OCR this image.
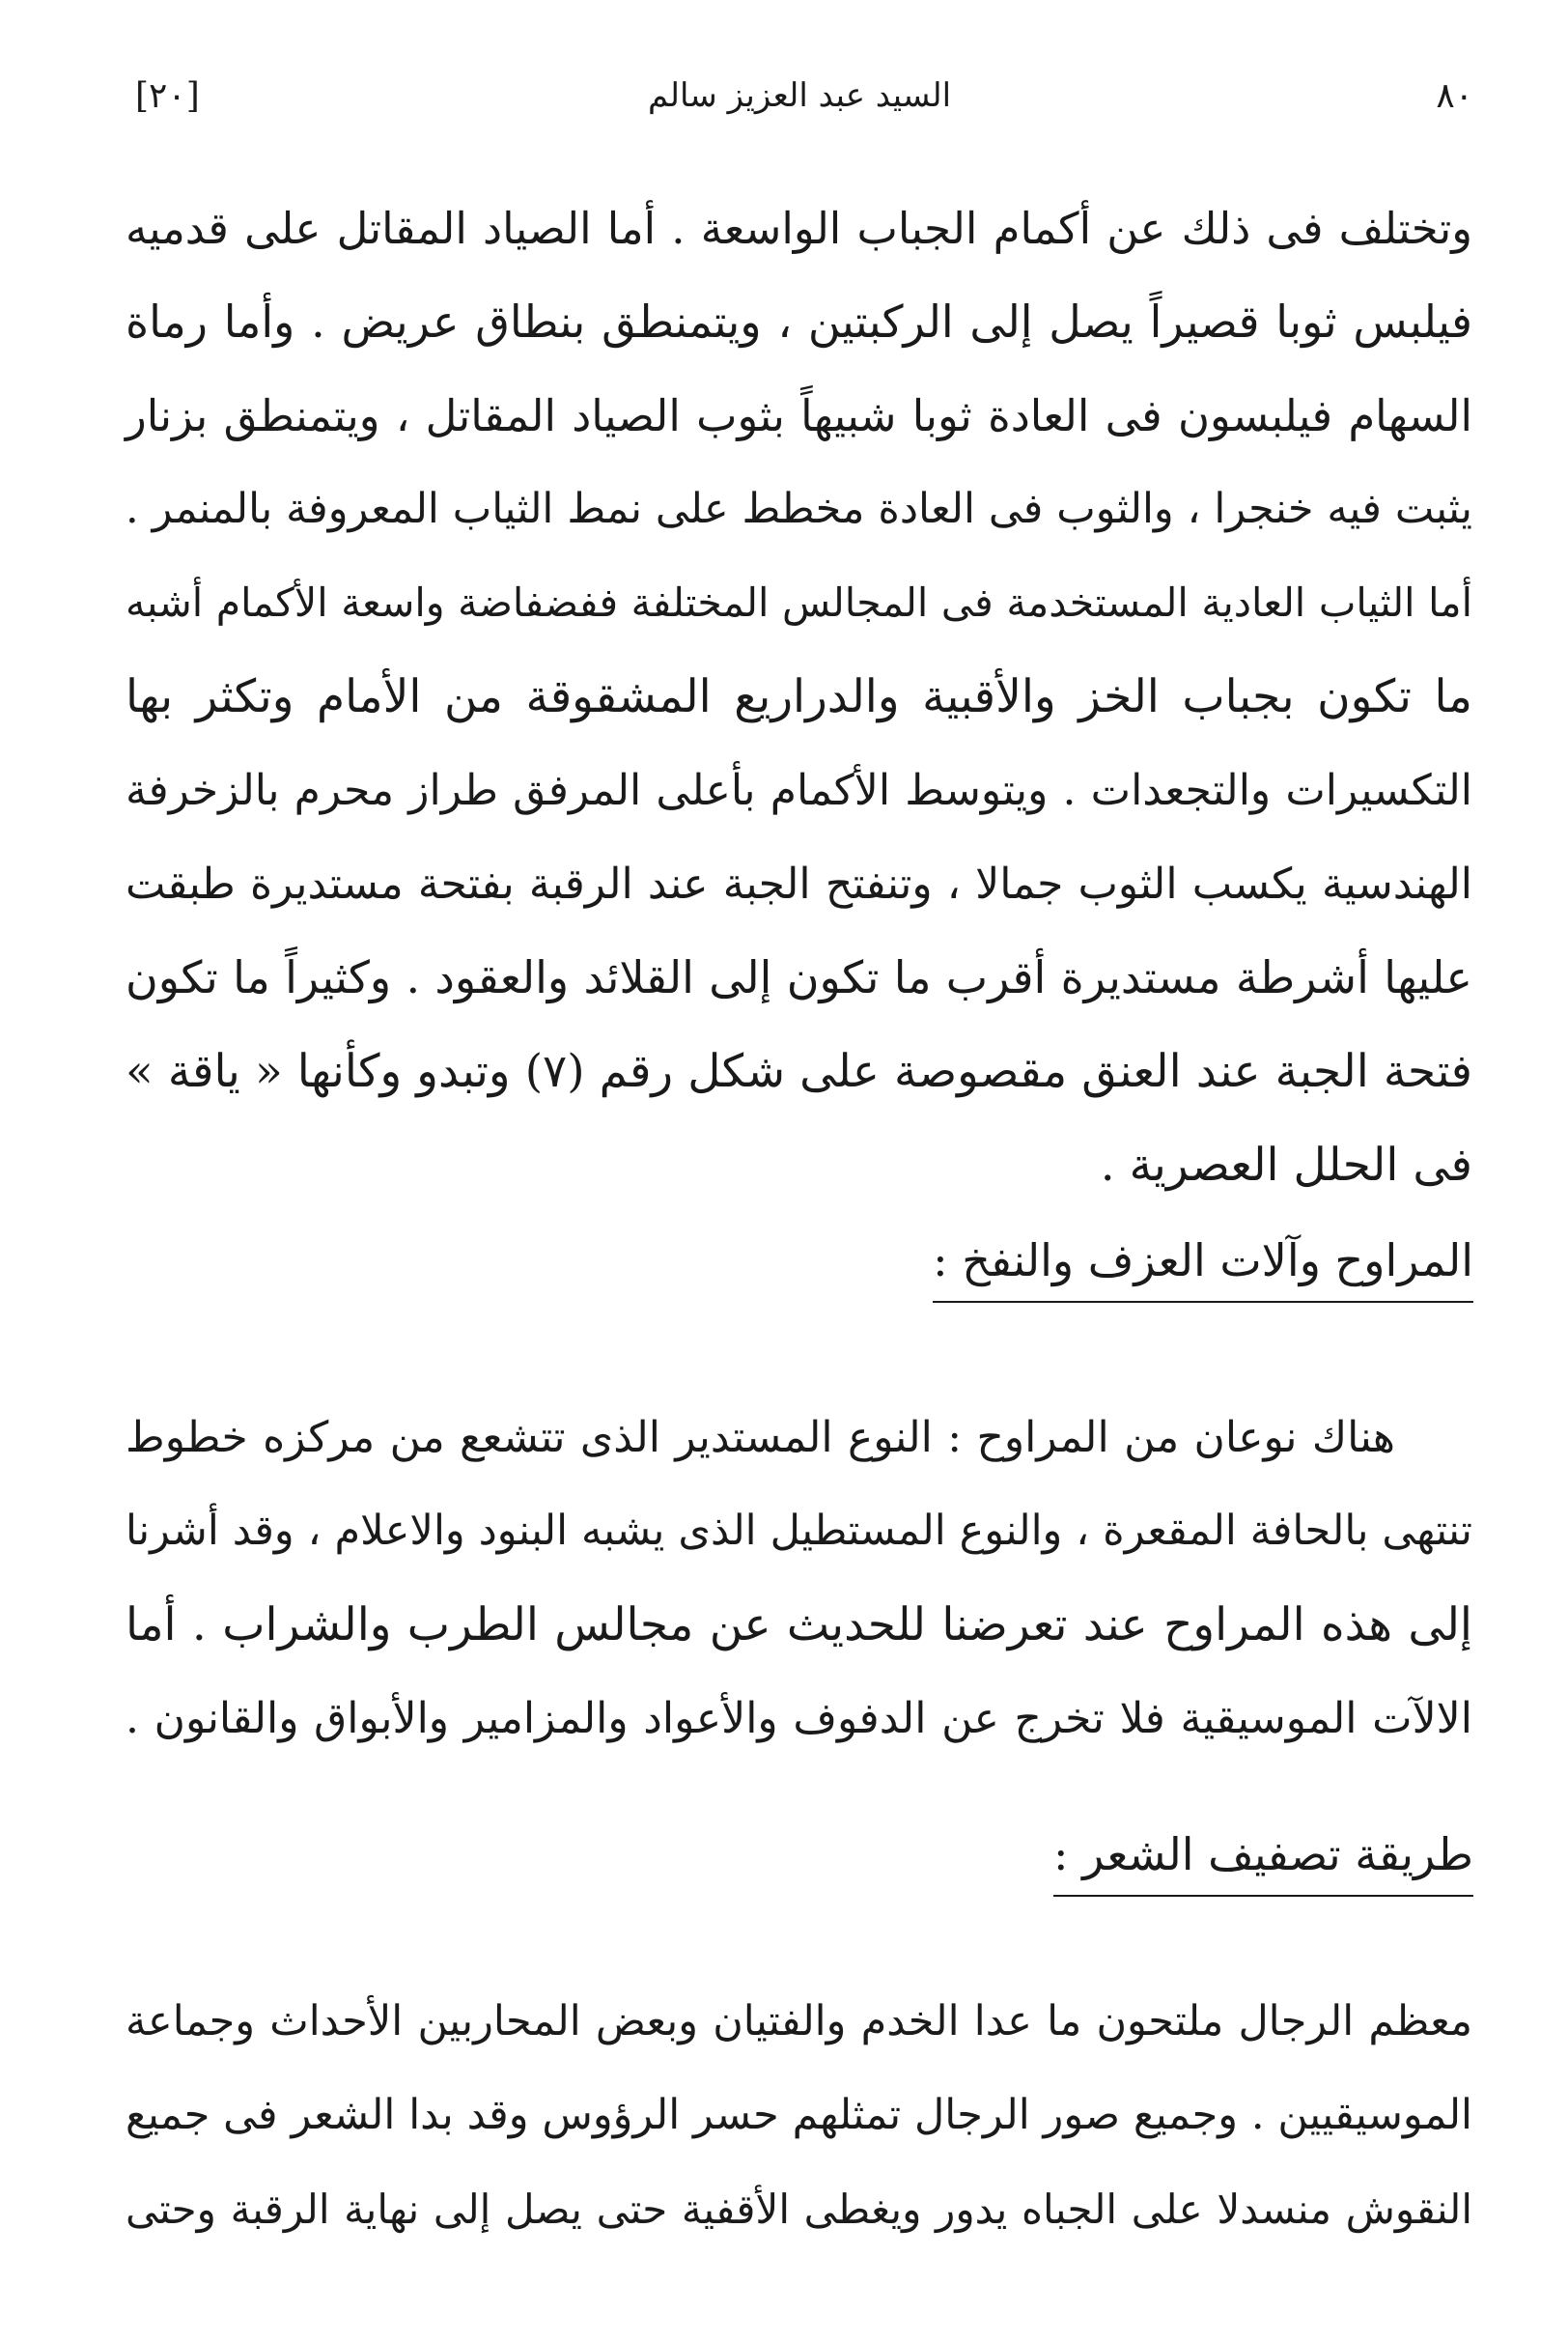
٨٠
السيد عبد العزيز سالم
[٢٠]
وتختلف فى ذلك عن أكمام الجباب الواسعة . أما الصياد المقاتل على قدميه
فيلبس ثوبا قصيراً يصل إلى الركبتين ، ويتمنطق بنطاق عريض . وأما رماة
السهام فيلبسون فى العادة ثوبا شبيهاً بثوب الصياد المقاتل ، ويتمنطق بزنار
يثبت فيه خنجرا ، والثوب فى العادة مخطط على نمط الثياب المعروفة بالمنمر .
أما الثياب العادية المستخدمة فى المجالس المختلفة ففضفاضة واسعة الأكمام أشبه
ما تكون بجباب الخز والأقبية والدراريع المشقوقة من الأمام وتكثر بها
التكسيرات والتجعدات . ويتوسط الأكمام بأعلى المرفق طراز محرم بالزخرفة
الهندسية يكسب الثوب جمالا ، وتنفتح الجبة عند الرقبة بفتحة مستديرة طبقت
عليها أشرطة مستديرة أقرب ما تكون إلى القلائد والعقود . وكثيراً ما تكون
فتحة الجبة عند العنق مقصوصة على شكل رقم (٧) وتبدو وكأنها « ياقة »
فى الحلل العصرية .
المراوح وآلات العزف والنفخ :
هناك نوعان من المراوح : النوع المستدير الذى تتشعع من مركزه خطوط
تنتهى بالحافة المقعرة ، والنوع المستطيل الذى يشبه البنود والاعلام ، وقد أشرنا
إلى هذه المراوح عند تعرضنا للحديث عن مجالس الطرب والشراب . أما
الالآت الموسيقية فلا تخرج عن الدفوف والأعواد والمزامير والأبواق والقانون .
طريقة تصفيف الشعر :
معظم الرجال ملتحون ما عدا الخدم والفتيان وبعض المحاربين الأحداث وجماعة
الموسيقيين . وجميع صور الرجال تمثلهم حسر الرؤوس وقد بدا الشعر فى جميع
النقوش منسدلا على الجباه يدور ويغطى الأقفية حتى يصل إلى نهاية الرقبة وحتى
